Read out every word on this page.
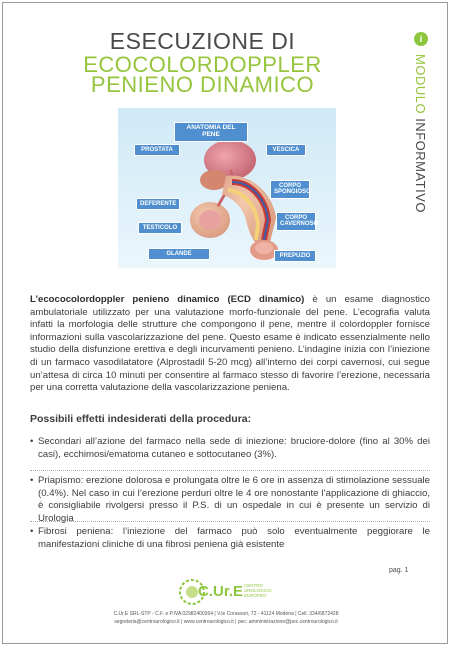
ESECUZIONE DI
ECOCOLORDOPPLER
PENIENO DINAMICO
i
MODULO INFORMATIVO
ANATOMIA DEL PENE
PROSTATA	VESCICA
CORPO SPONGIOSO
DEFERENTE
CORPO CAVERNOSO
TESTICOLO
GLANDE	PREPUZIO
L’ecococolordoppler penieno dinamico (ECD dinamico) è un esame diagnostico ambulatoriale utilizzato per una valutazione morfo-funzionale del pene. L’ecografia valuta infatti la morfologia delle strutture che compongono il pene, mentre il colordoppler fornisce informazioni sulla vascolarizzazione del pene. Questo esame è indicato essenzialmente nello studio della disfunzione erettiva e degli incurvamenti penieno. L’indagine inizia con l’iniezione di un farmaco vasodilatatore (Alprostadil 5-20 mcg) all’interno dei corpi cavernosi, cui segue un’attesa di circa 10 minuti per consentire al farmaco stesso di favorire l’erezione, necessaria per una corretta valutazione della vascolarizzazione peniena.
Possibili effetti indesiderati della procedura:
• Secondari all’azione del farmaco nella sede di iniezione: bruciore-dolore (fino al 30% dei casi), ecchimosi/ematoma cutaneo e sottocutaneo (3%).
• Priapismo: erezione dolorosa e prolungata oltre le 6 ore in assenza di stimolazione sessuale (0.4%). Nel caso in cui l’erezione perduri oltre le 4 ore nonostante l’applicazione di ghiaccio, è consigliabile rivolgersi presso il P.S. di un ospedale in cui è presente un servizio di Urologia
• Fibrosi peniena: l’iniezione del farmaco può solo eventualmente peggiorare le manifestazioni cliniche di una fibrosi peniena già esistente
pag. 1
C.Ur.E CENTRO
UROLOGICO
EUROPEO
C.Ur.E SRL-STP - C.F. e P.IVA 02982400364 | V.le Corassori, 72 - 41124 Modena | Cell. 334/6872428
segreteria@centrourologico.it | www.centrourologico.it | pec: amministrazione@pec.centrourologico.it
